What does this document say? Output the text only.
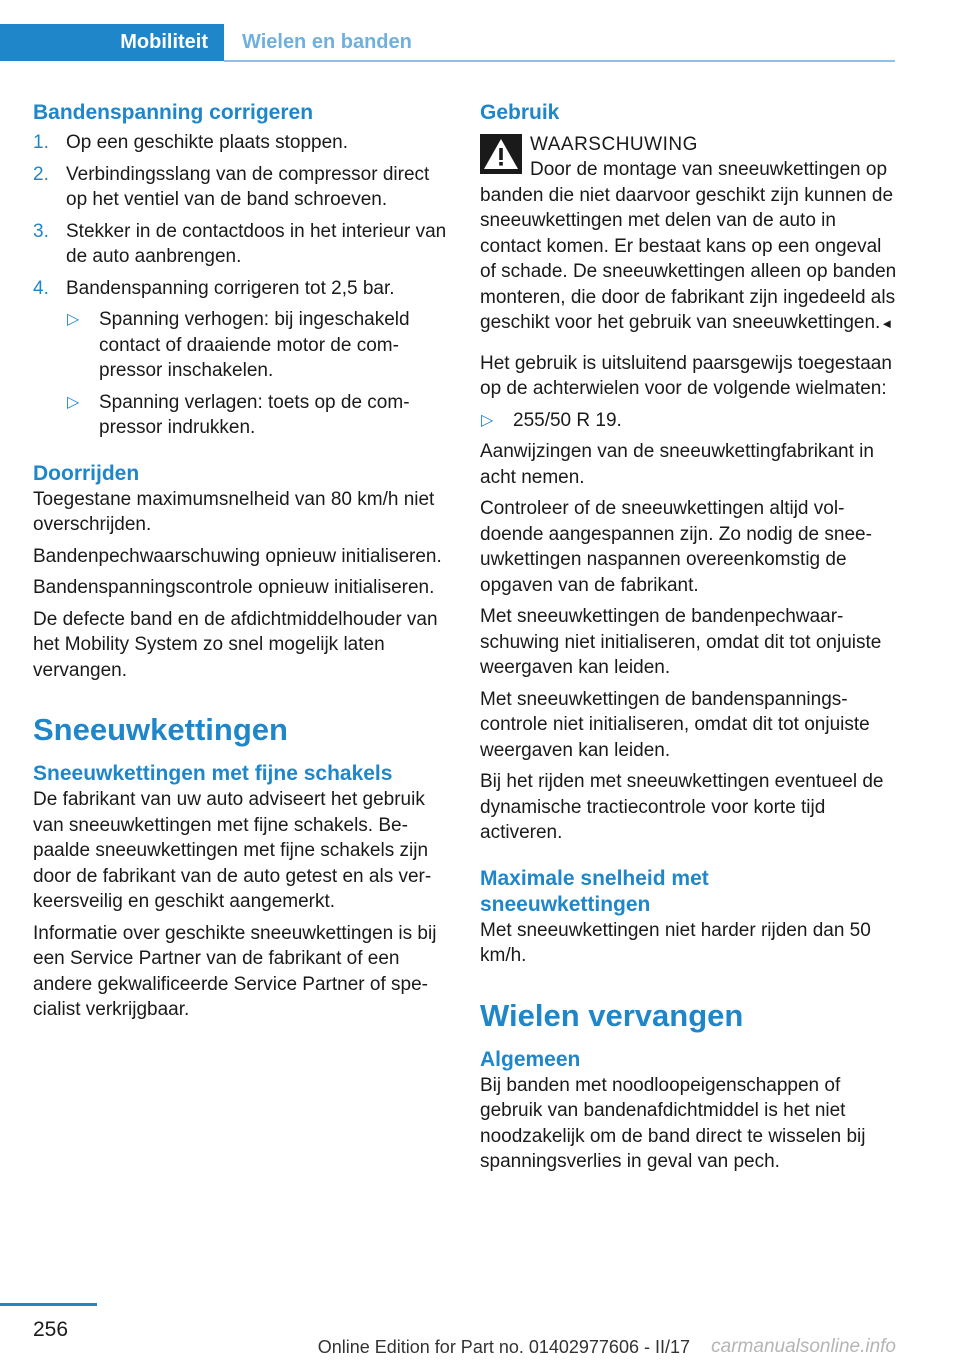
Mobiliteit	Wielen en banden
Bandenspanning corrigeren
1. Op een geschikte plaats stoppen.
2. Verbindingsslang van de compressor direct op het ventiel van de band schroeven.
3. Stekker in de contactdoos in het interieur van de auto aanbrengen.
4. Bandenspanning corrigeren tot 2,5 bar.
▷ Spanning verhogen: bij ingeschakeld contact of draaiende motor de compressor inschakelen.
▷ Spanning verlagen: toets op de compressor indrukken.
Doorrijden

Toegestane maximumsnelheid van 80 km/h niet overschrijden.

Bandenpechwaarschuwing opnieuw initialiseren.

Bandenspanningscontrole opnieuw initialiseren.

De defecte band en de afdichtmiddelhouder van het Mobility System zo snel mogelijk laten vervangen.

Sneeuwkettingen
Sneeuwkettingen met fijne schakels

De fabrikant van uw auto adviseert het gebruik van sneeuwkettingen met fijne schakels. Bepaalde sneeuwkettingen met fijne schakels zijn door de fabrikant van de auto getest en als verkeersveilig en geschikt aangemerkt.

Informatie over geschikte sneeuwkettingen is bij een Service Partner van de fabrikant of een andere gekwalificeerde Service Partner of specialist verkrijgbaar.

Gebruik
WAARSCHUWING

Door de montage van sneeuwkettingen op banden die niet daarvoor geschikt zijn kunnen de sneeuwkettingen met delen van de auto in contact komen. Er bestaat kans op een ongeval of schade. De sneeuwkettingen alleen op banden monteren, die door de fabrikant zijn ingedeeld als geschikt voor het gebruik van sneeuwkettingen.◄

Het gebruik is uitsluitend paarsgewijs toegestaan op de achterwielen voor de volgende wielmaten:

▷ 255/50 R 19.

Aanwijzingen van de sneeuwkettingfabrikant in acht nemen.

Controleer of de sneeuwkettingen altijd voldoende aangespannen zijn. Zo nodig de sneeuwkettingen naspannen overeenkomstig de opgaven van de fabrikant.

Met sneeuwkettingen de bandenpechwaarschuwing niet initialiseren, omdat dit tot onjuiste weergaven kan leiden.

Met sneeuwkettingen de bandenspanningscontrole niet initialiseren, omdat dit tot onjuiste weergaven kan leiden.

Bij het rijden met sneeuwkettingen eventueel de dynamische tractiecontrole voor korte tijd activeren.

Maximale snelheid met sneeuwkettingen

Met sneeuwkettingen niet harder rijden dan 50 km/h.

Wielen vervangen
Algemeen

Bij banden met noodloopeigenschappen of gebruik van bandenafdichtmiddel is het niet noodzakelijk om de band direct te wisselen bij spanningsverlies in geval van pech.

256
Online Edition for Part no. 01402977606 - II/17 carmanualsonline.info
